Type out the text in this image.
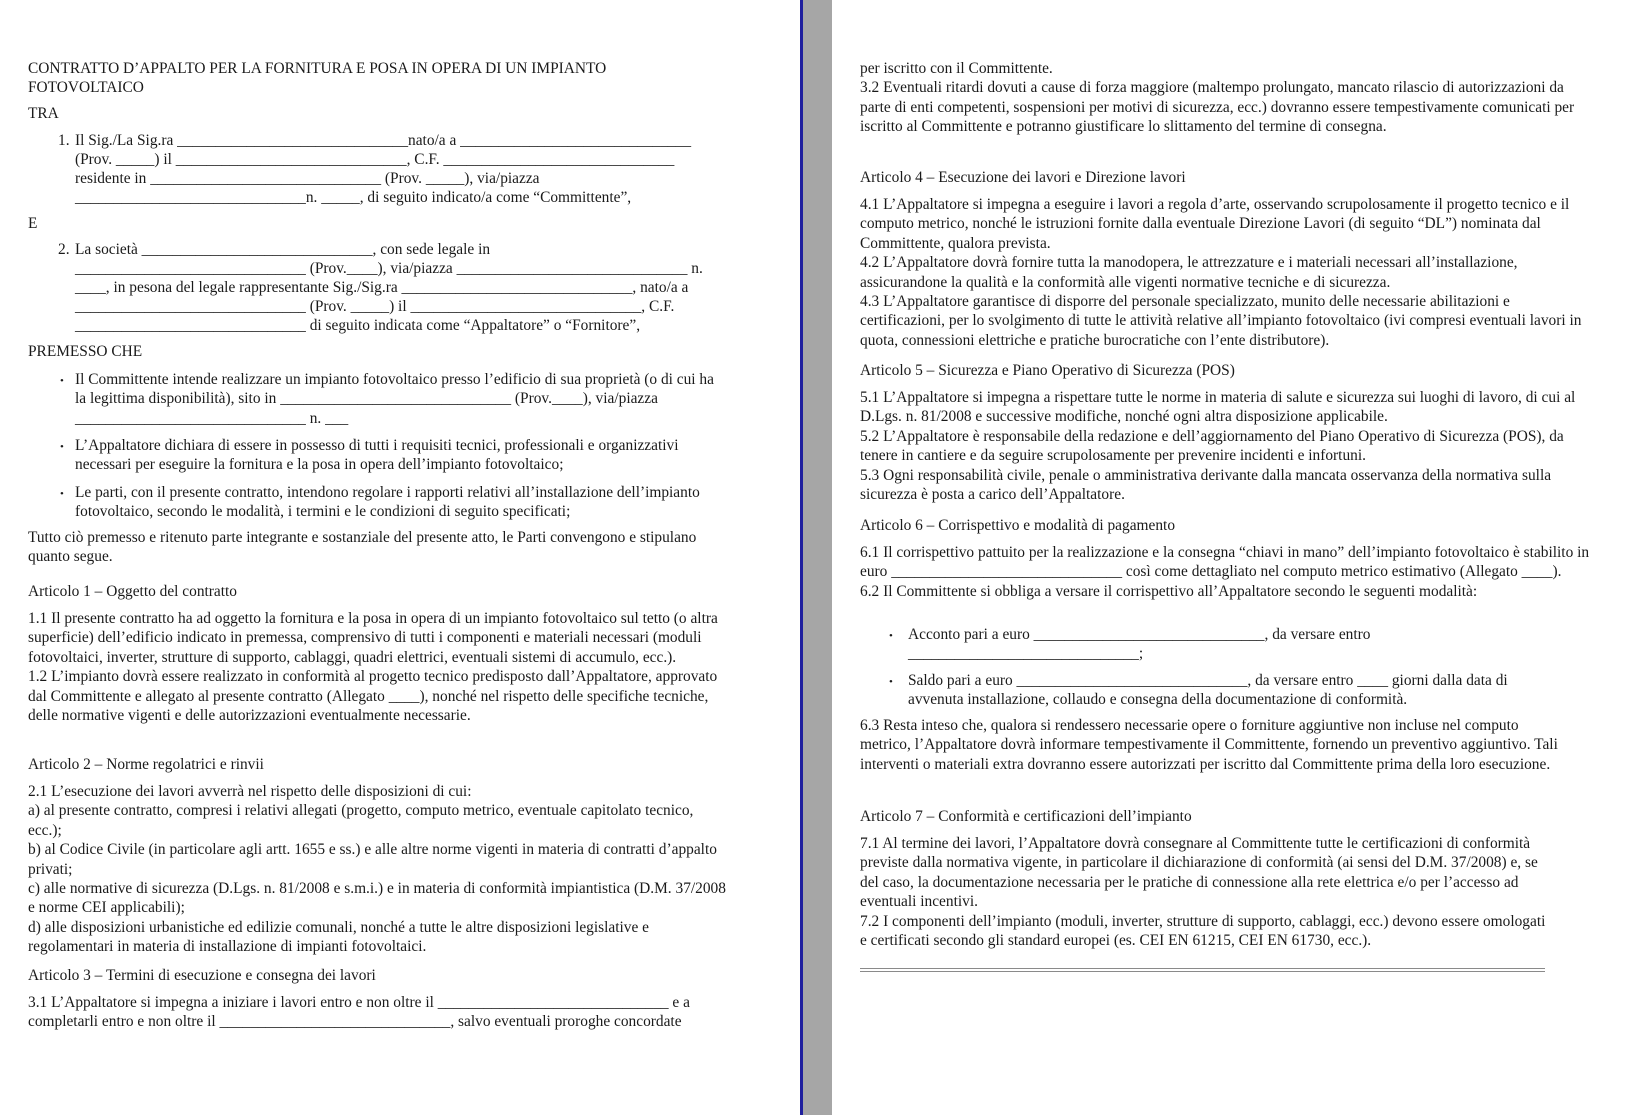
CONTRATTO D’APPALTO PER LA FORNITURA E POSA IN OPERA DI UN IMPIANTO FOTOVOLTAICO
TRA
1. Il Sig./La Sig.ra ______________________________nato/a a ______________________________
(Prov. _____) il ______________________________, C.F. ______________________________
residente in ______________________________ (Prov. _____), via/piazza
______________________________n. _____, di seguito indicato/a come “Committente”,
E
2. La società ______________________________, con sede legale in
______________________________ (Prov.____), via/piazza ______________________________ n.
____, in pesona del legale rappresentante Sig./Sig.ra ______________________________, nato/a a
______________________________ (Prov. _____) il ______________________________, C.F.
______________________________ di seguito indicata come “Appaltatore” o “Fornitore”,
PREMESSO CHE
• Il Committente intende realizzare un impianto fotovoltaico presso l’edificio di sua proprietà (o di cui ha la legittima disponibilità), sito in ______________________________ (Prov.____), via/piazza ______________________________ n. ___
• L’Appaltatore dichiara di essere in possesso di tutti i requisiti tecnici, professionali e organizzativi necessari per eseguire la fornitura e la posa in opera dell’impianto fotovoltaico;
• Le parti, con il presente contratto, intendono regolare i rapporti relativi all’installazione dell’impianto fotovoltaico, secondo le modalità, i termini e le condizioni di seguito specificati;
Tutto ciò premesso e ritenuto parte integrante e sostanziale del presente atto, le Parti convengono e stipulano quanto segue.
Articolo 1 – Oggetto del contratto
1.1 Il presente contratto ha ad oggetto la fornitura e la posa in opera di un impianto fotovoltaico sul tetto (o altra superficie) dell’edificio indicato in premessa, comprensivo di tutti i componenti e materiali necessari (moduli fotovoltaici, inverter, strutture di supporto, cablaggi, quadri elettrici, eventuali sistemi di accumulo, ecc.).
1.2 L’impianto dovrà essere realizzato in conformità al progetto tecnico predisposto dall’Appaltatore, approvato dal Committente e allegato al presente contratto (Allegato ____), nonché nel rispetto delle specifiche tecniche, delle normative vigenti e delle autorizzazioni eventualmente necessarie.
Articolo 2 – Norme regolatrici e rinvii
2.1 L’esecuzione dei lavori avverrà nel rispetto delle disposizioni di cui:
a) al presente contratto, compresi i relativi allegati (progetto, computo metrico, eventuale capitolato tecnico, ecc.);
b) al Codice Civile (in particolare agli artt. 1655 e ss.) e alle altre norme vigenti in materia di contratti d’appalto privati;
c) alle normative di sicurezza (D.Lgs. n. 81/2008 e s.m.i.) e in materia di conformità impiantistica (D.M. 37/2008 e norme CEI applicabili);
d) alle disposizioni urbanistiche ed edilizie comunali, nonché a tutte le altre disposizioni legislative e regolamentari in materia di installazione di impianti fotovoltaici.
Articolo 3 – Termini di esecuzione e consegna dei lavori
3.1 L’Appaltatore si impegna a iniziare i lavori entro e non oltre il ______________________________ e a completarli entro e non oltre il ______________________________, salvo eventuali proroghe concordate
per iscritto con il Committente.
3.2 Eventuali ritardi dovuti a cause di forza maggiore (maltempo prolungato, mancato rilascio di autorizzazioni da parte di enti competenti, sospensioni per motivi di sicurezza, ecc.) dovranno essere tempestivamente comunicati per iscritto al Committente e potranno giustificare lo slittamento del termine di consegna.
Articolo 4 – Esecuzione dei lavori e Direzione lavori
4.1 L’Appaltatore si impegna a eseguire i lavori a regola d’arte, osservando scrupolosamente il progetto tecnico e il computo metrico, nonché le istruzioni fornite dalla eventuale Direzione Lavori (di seguito “DL”) nominata dal Committente, qualora prevista.
4.2 L’Appaltatore dovrà fornire tutta la manodopera, le attrezzature e i materiali necessari all’installazione, assicurandone la qualità e la conformità alle vigenti normative tecniche e di sicurezza.
4.3 L’Appaltatore garantisce di disporre del personale specializzato, munito delle necessarie abilitazioni e certificazioni, per lo svolgimento di tutte le attività relative all’impianto fotovoltaico (ivi compresi eventuali lavori in quota, connessioni elettriche e pratiche burocratiche con l’ente distributore).
Articolo 5 – Sicurezza e Piano Operativo di Sicurezza (POS)
5.1 L’Appaltatore si impegna a rispettare tutte le norme in materia di salute e sicurezza sui luoghi di lavoro, di cui al D.Lgs. n. 81/2008 e successive modifiche, nonché ogni altra disposizione applicabile.
5.2 L’Appaltatore è responsabile della redazione e dell’aggiornamento del Piano Operativo di Sicurezza (POS), da tenere in cantiere e da seguire scrupolosamente per prevenire incidenti e infortuni.
5.3 Ogni responsabilità civile, penale o amministrativa derivante dalla mancata osservanza della normativa sulla sicurezza è posta a carico dell’Appaltatore.
Articolo 6 – Corrispettivo e modalità di pagamento
6.1 Il corrispettivo pattuito per la realizzazione e la consegna “chiavi in mano” dell’impianto fotovoltaico è stabilito in euro ______________________________ così come dettagliato nel computo metrico estimativo (Allegato ____).
6.2 Il Committente si obbliga a versare il corrispettivo all’Appaltatore secondo le seguenti modalità:
• Acconto pari a euro ______________________________, da versare entro ______________________________;
• Saldo pari a euro ______________________________, da versare entro ____ giorni dalla data di avvenuta installazione, collaudo e consegna della documentazione di conformità.
6.3 Resta inteso che, qualora si rendessero necessarie opere o forniture aggiuntive non incluse nel computo metrico, l’Appaltatore dovrà informare tempestivamente il Committente, fornendo un preventivo aggiuntivo. Tali interventi o materiali extra dovranno essere autorizzati per iscritto dal Committente prima della loro esecuzione.
Articolo 7 – Conformità e certificazioni dell’impianto
7.1 Al termine dei lavori, l’Appaltatore dovrà consegnare al Committente tutte le certificazioni di conformità previste dalla normativa vigente, in particolare il dichiarazione di conformità (ai sensi del D.M. 37/2008) e, se del caso, la documentazione necessaria per le pratiche di connessione alla rete elettrica e/o per l’accesso ad eventuali incentivi.
7.2 I componenti dell’impianto (moduli, inverter, strutture di supporto, cablaggi, ecc.) devono essere omologati e certificati secondo gli standard europei (es. CEI EN 61215, CEI EN 61730, ecc.).
